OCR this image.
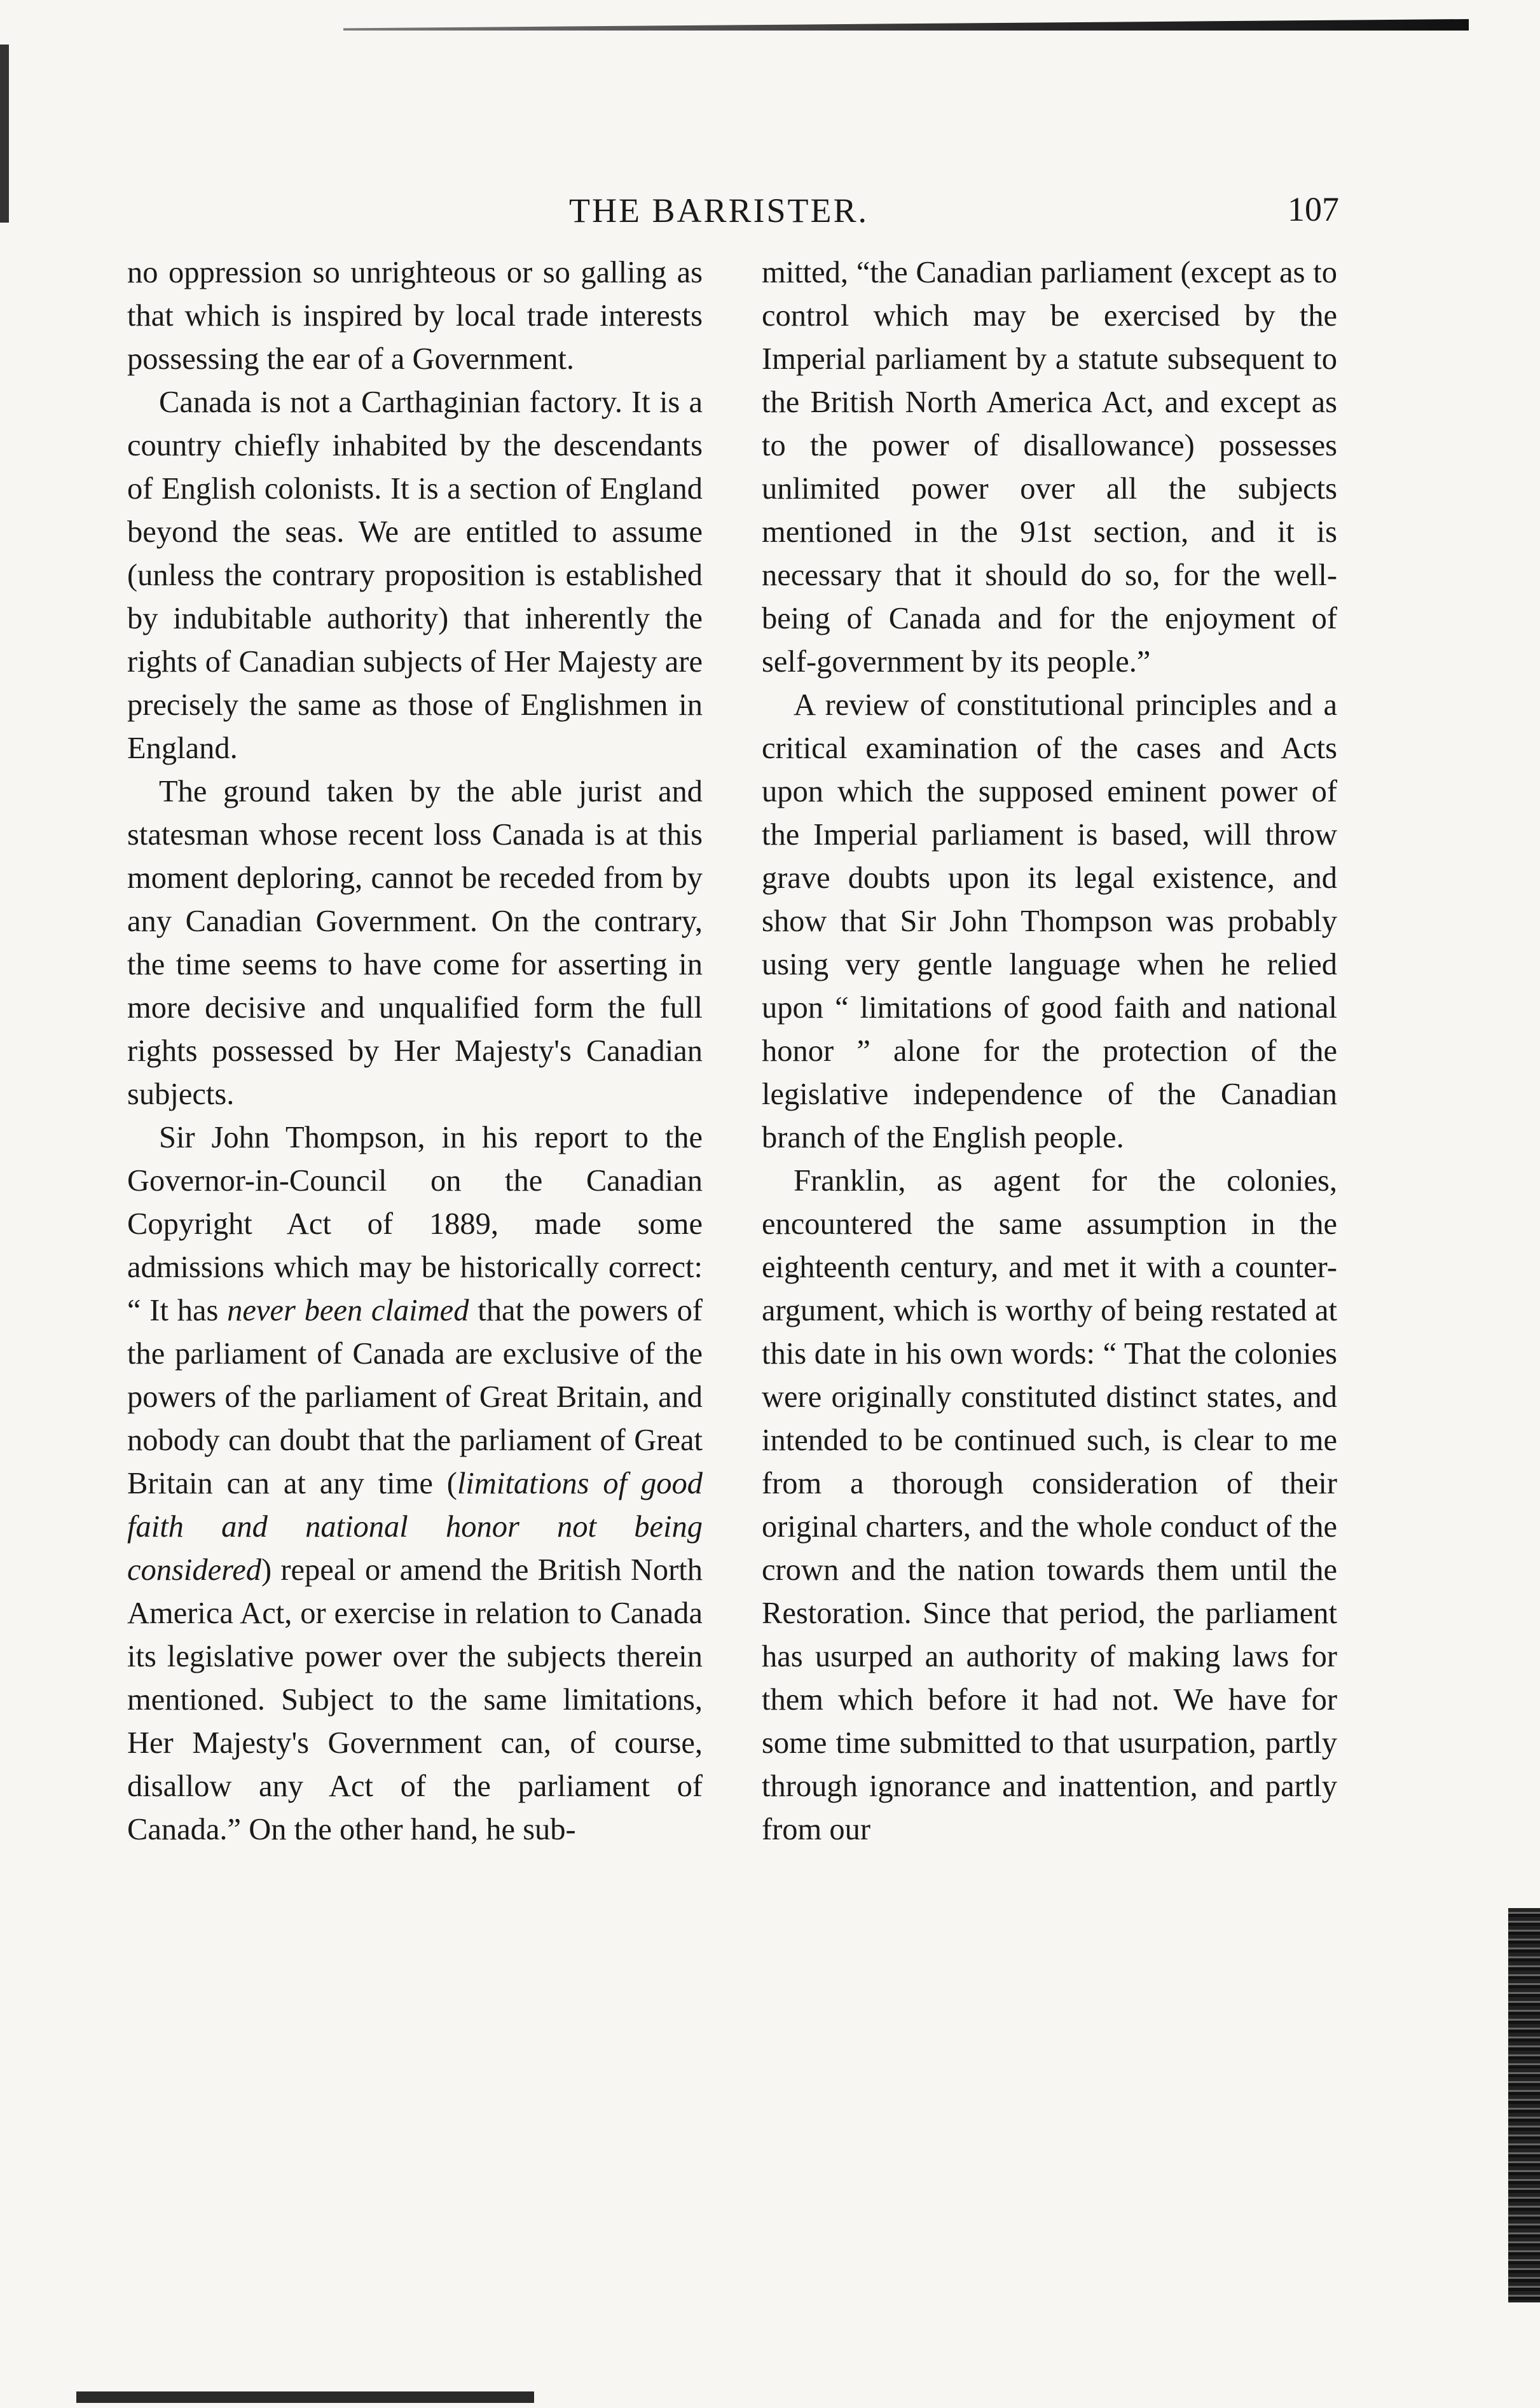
THE BARRISTER.	107

no oppression so unrighteous or so galling as that which is inspired by local trade interests possessing the ear of a Government.

Canada is not a Carthaginian factory. It is a country chiefly inhabited by the descendants of English colonists. It is a section of England beyond the seas. We are entitled to assume (unless the contrary proposition is established by indubitable authority) that inherently the rights of Canadian subjects of Her Majesty are precisely the same as those of Englishmen in England.

The ground taken by the able jurist and statesman whose recent loss Canada is at this moment deploring, cannot be receded from by any Canadian Government. On the contrary, the time seems to have come for asserting in more decisive and unqualified form the full rights possessed by Her Majesty's Canadian subjects.

Sir John Thompson, in his report to the Governor-in-Council on the Canadian Copyright Act of 1889, made some admissions which may be historically correct: “ It has never been claimed that the powers of the parliament of Canada are exclusive of the powers of the parliament of Great Britain, and nobody can doubt that the parliament of Great Britain can at any time (limitations of good faith and national honor not being considered) repeal or amend the British North America Act, or exercise in relation to Canada its legislative power over the subjects therein mentioned. Subject to the same limitations, Her Majesty's Government can, of course, disallow any Act of the parliament of Canada.” On the other hand, he sub-

mitted, “the Canadian parliament (except as to control which may be exercised by the Imperial parliament by a statute subsequent to the British North America Act, and except as to the power of disallowance) possesses unlimited power over all the subjects mentioned in the 91st section, and it is necessary that it should do so, for the well-being of Canada and for the enjoyment of self-government by its people.”

A review of constitutional principles and a critical examination of the cases and Acts upon which the supposed eminent power of the Imperial parliament is based, will throw grave doubts upon its legal existence, and show that Sir John Thompson was probably using very gentle language when he relied upon “ limitations of good faith and national honor ” alone for the protection of the legislative independence of the Canadian branch of the English people.

Franklin, as agent for the colonies, encountered the same assumption in the eighteenth century, and met it with a counter-argument, which is worthy of being restated at this date in his own words: “ That the colonies were originally constituted distinct states, and intended to be continued such, is clear to me from a thorough consideration of their original charters, and the whole conduct of the crown and the nation towards them until the Restoration. Since that period, the parliament has usurped an authority of making laws for them which before it had not. We have for some time submitted to that usurpation, partly through ignorance and inattention, and partly from our
